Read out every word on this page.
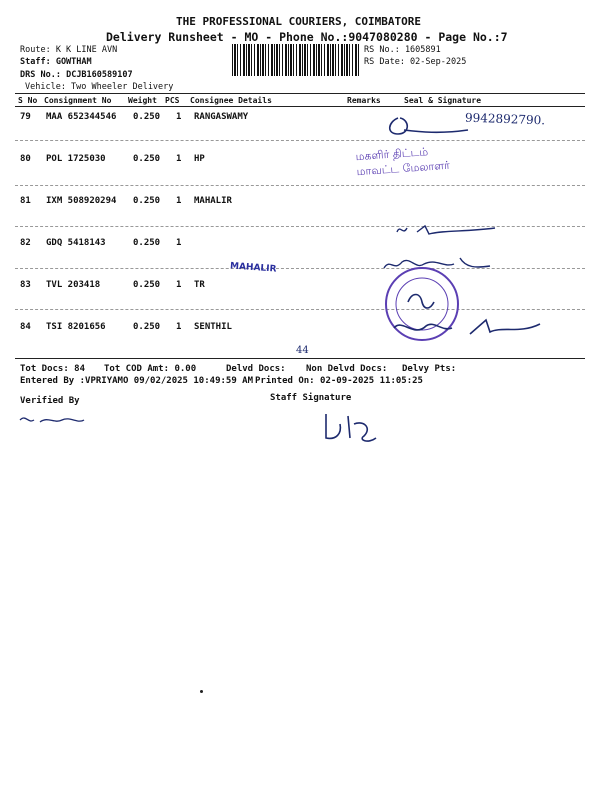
THE PROFESSIONAL COURIERS, COIMBATORE
Delivery Runsheet - MO - Phone No.:9047080280 - Page No.:7
Route: K K LINE AVN
Staff: GOWTHAM
DRS No.: DCJB160589107
Vehicle: Two Wheeler Delivery
RS No.: 1605891
RS Date: 02-Sep-2025
S No Consignment No Weight PCS Consignee Details	Remarks	Seal & Signature
79 MAA 652344546 0.250 1 RANGASWAMY
80 POL 1725030	0.250 1 HP
81 IXM 508920294 0.250 1 MAHALIR
82 GDQ 5418143	0.250 1
83 TVL 203418	0.250 1 TR
84 TSI 8201656	0.250 1 SENTHIL
Tot Docs: 84 Tot COD Amt: 0.00	Delvd Docs: Non Delvd Docs: Delvy Pts:
Entered By :VPRIYAMO 09/02/2025 10:49:59 AM Printed On: 02-09-2025 11:05:25
Verified By	Staff Signature
9942892790.
MAHALIR
44
மகளிர் திட்டம்
மாவட்ட மேலாளர்
